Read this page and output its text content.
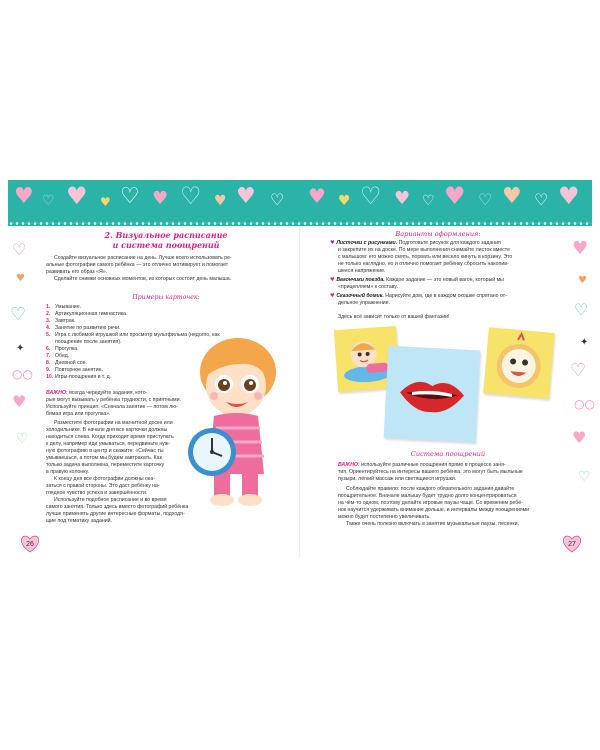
♥ ♡ ♥ ♥ ♡ ♥ ♡ ♥ ♥ ♡ ♥ ♥ ♡ ♥ ♡ ♥ ♡ ♥ ♡ ♥
♡
♥
♡
✦
○○
♥
♡
♥
♥
♡
✦
♡
○○
♥
♡
2. Визуальное расписание
и система поощрений
Создайте визуальное расписание на день. Лучше всего использовать ре-
альные фотографии самого ребёнка — это отлично мотивирует и помогает
развивать его образ «Я».
Сделайте снимки основных моментов, из которых состоит день малыша.
Примеры карточек:
1. Умывание.
2. Артикуляционная гимнастика.
3. Завтрак.
4. Занятие по развитию речи.
5. Игра с любимой игрушкой или просмотр мультфильма (недолго, как
поощрение после занятия).
6. Прогулка.
7. Обед.
8. Дневной сон.
9. Повторное занятие.
10. Игры-поощрения и т. д.
ВАЖНО: всегда чередуйте задания, кото-
рые могут вызывать у ребёнка трудности, с приятными.
Используйте принцип: «Сначала занятие — потом лю-
бимая игра или прогулка».
Разместите фотографии на магнитной доске или
холодильнике. В начале дня все карточки должны
находиться слева. Когда приходит время приступать
к делу, например иди умываться, передвиньте нуж-
ную фотографию в центр и скажите: «Сейчас ты
умываешься, а потом мы будем завтракать. Как
только задача выполнена, переместите карточку
в правую колонку.
К концу дня все фотографии должны ока-
заться с правой стороны. Это даст ребёнку на-
глядное чувство успеха и завершённости.
Используйте подобное расписание и во время
самого занятия. Только здесь вместо фотографий ребёнка
лучше применять другие интересные форматы, подходя-
щие под тематику заданий.
26
Варианты оформления:
♥ Листочки с рисунками. Подготовьте рисунок для каждого задания
и закрепите их на доске. По мере выполнения снимайте листок вместе
с малышом: его можно смять, порвать или весело кинуть в корзину. Это
не только наглядно, но и отлично помогает ребёнку сбросить накопив-
шееся напряжение.
♥ Вагончики поезда. Каждое задание — это новый вагон, который мы
«прицепляем» к составу.
♥ Сказочный домик. Нарисуйте дом, где в каждом окошке спрятано от-
дельное упражнение.
Здесь всё зависит только от вашей фантазии!
Система поощрений
ВАЖНО: используйте различные поощрения прямо в процессе заня-
тия. Ориентируйтесь на интересы вашего ребёнка: это могут быть мыльные
пузыри, лёгкий массаж или светящиеся игрушки.
Соблюдайте правило: после каждого обязательного задания давайте
поощрительное. Вначале малышу будет трудно долго концентрироваться
на чём-то одном, поэтому делайте игровые паузы чаще. Со временем ребё-
нок научится удерживать внимание дольше, и интервалы между поощрениями
можно будет постепенно увеличивать.
Также очень полезно включать в занятие музыкальные паузы, песенки.
27
